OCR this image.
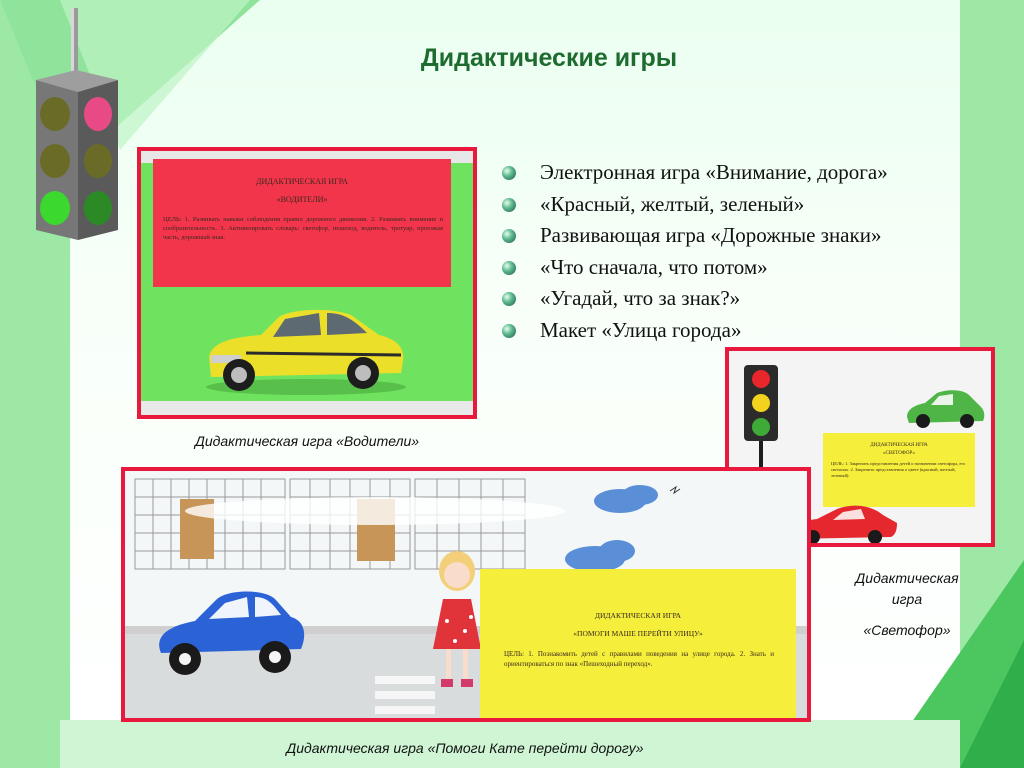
Дидактические игры
Электронная игра «Внимание, дорога»
«Красный, желтый, зеленый»
Развивающая игра «Дорожные знаки»
«Что сначала, что потом»
«Угадай, что за знак?»
Макет «Улица города»
ДИДАКТИЧЕСКАЯ ИГРА
«ВОДИТЕЛИ»
ЦЕЛЬ: 1. Развивать навыки соблюдения правил дорожного движения. 2. Развивать внимание и сообразительность. 3. Активизировать словарь: светофор, пешеход, водитель, тротуар, проезжая часть, дорожный знак.
Дидактическая игра «Водители»	ДИДАКТИЧЕСКАЯ ИГРА
«СВЕТОФОР»
ЦЕЛЬ: 1. Закрепить представления детей о назначении светофора, его сигналах. 2. Закрепить представления о цвете (красный, желтый, зеленый).
Дидактическая
игра
«Светофор»
ДИДАКТИЧЕСКАЯ ИГРА
«ПОМОГИ МАШЕ ПЕРЕЙТИ УЛИЦУ»
ЦЕЛЬ: 1. Познакомить детей с правилами поведения на улице города. 2. Знать и ориентироваться по знак «Пешеходный переход».
Дидактическая игра «Помоги Кате перейти дорогу»
